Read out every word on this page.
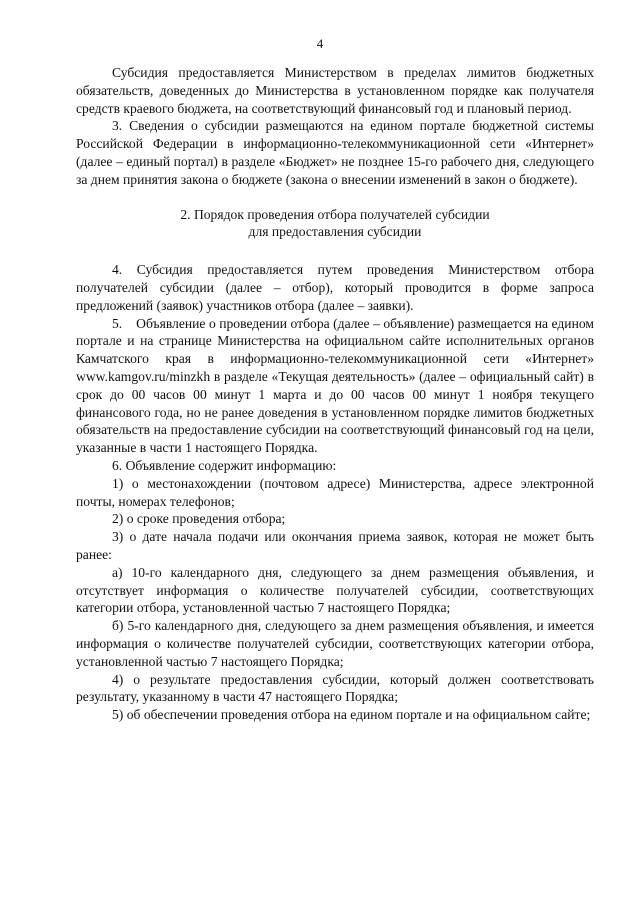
4

Субсидия предоставляется Министерством в пределах лимитов бюджетных обязательств, доведенных до Министерства в установленном порядке как получателя средств краевого бюджета, на соответствующий финансовый год и плановый период.

3. Сведения о субсидии размещаются на едином портале бюджетной системы Российской Федерации в информационно-телекоммуникационной сети «Интернет» (далее – единый портал) в разделе «Бюджет» не позднее 15-го рабочего дня, следующего за днем принятия закона о бюджете (закона о внесении изменений в закон о бюджете).

2. Порядок проведения отбора получателей субсидии
для предоставления субсидии

4. Субсидия предоставляется путем проведения Министерством отбора получателей субсидии (далее – отбор), который проводится в форме запроса предложений (заявок) участников отбора (далее – заявки).

5.    Объявление о проведении отбора (далее – объявление) размещается на едином портале и на странице Министерства на официальном сайте исполнительных органов Камчатского края в информационно-телекоммуникационной сети «Интернет» www.kamgov.ru/minzkh в разделе «Текущая деятельность» (далее – официальный сайт) в срок до 00 часов 00 минут 1 марта и до 00 часов 00 минут 1 ноября текущего финансового года, но не ранее доведения в установленном порядке лимитов бюджетных обязательств на предоставление субсидии на соответствующий финансовый год на цели, указанные в части 1 настоящего Порядка.

6. Объявление содержит информацию:

1) о местонахождении (почтовом адресе) Министерства, адресе электронной почты, номерах телефонов;

2) о сроке проведения отбора;

3) о дате начала подачи или окончания приема заявок, которая не может быть ранее:

а) 10-го календарного дня, следующего за днем размещения объявления, и отсутствует информация о количестве получателей субсидии, соответствующих категории отбора, установленной частью 7 настоящего Порядка;

б) 5-го календарного дня, следующего за днем размещения объявления, и имеется информация о количестве получателей субсидии, соответствующих категории отбора, установленной частью 7 настоящего Порядка;

4) о результате предоставления субсидии, который должен соответствовать результату, указанному в части 47 настоящего Порядка;

5) об обеспечении проведения отбора на едином портале и на официальном сайте;
